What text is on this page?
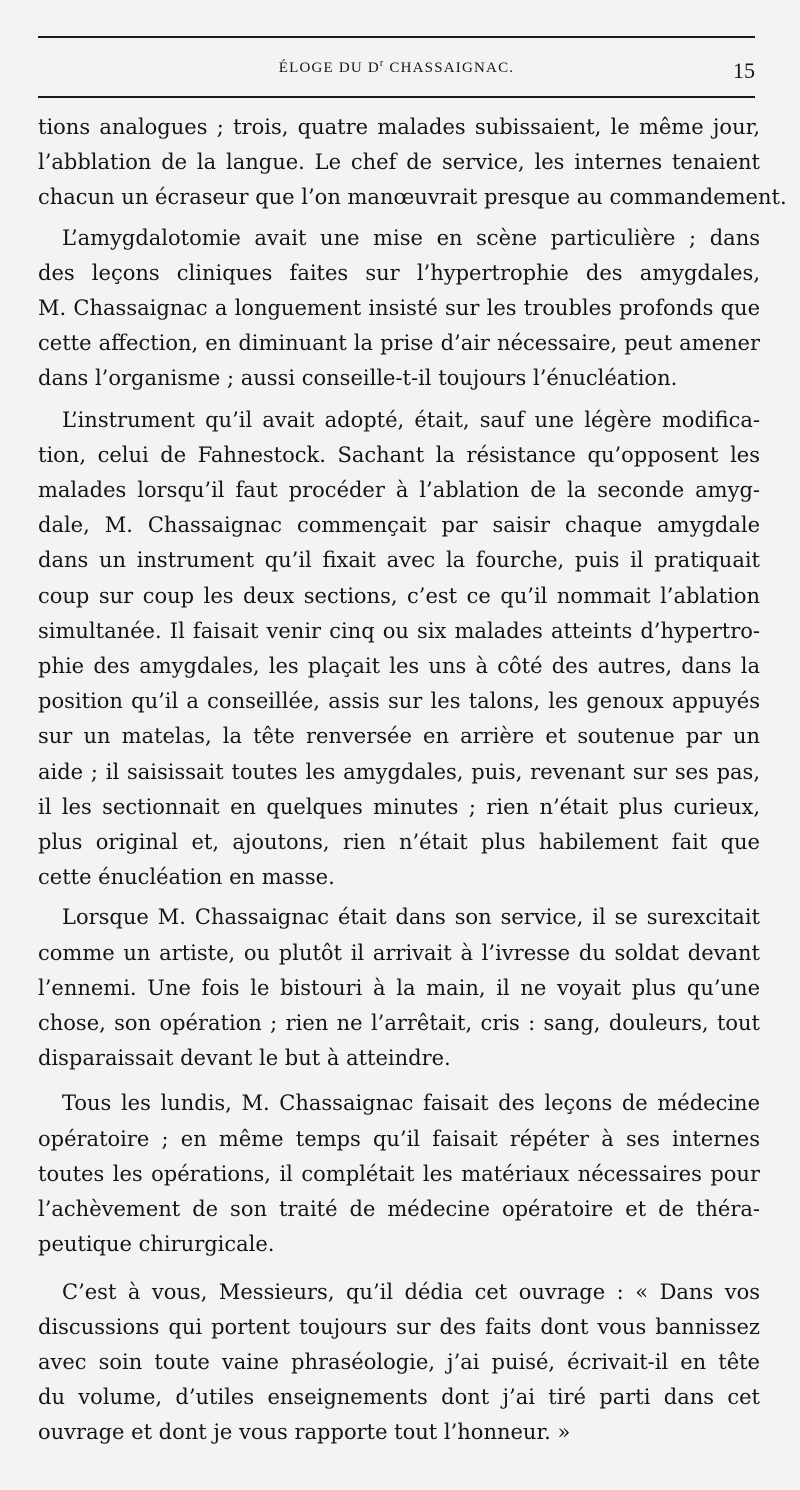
ÉLOGE DU $D^r$ CHASSAIGNAC.	15

tions analogues ; trois, quatre malades subissaient, le même jour,
l’abblation de la langue. Le chef de service, les internes tenaient
chacun un écraseur que l’on manœuvrait presque au commandement.

L’amygdalotomie avait une mise en scène particulière ; dans
des leçons cliniques faites sur l’hypertrophie des amygdales,
M. Chassaignac a longuement insisté sur les troubles profonds que
cette affection, en diminuant la prise d’air nécessaire, peut amener
dans l’organisme ; aussi conseille-t-il toujours l’énucléation.

L’instrument qu’il avait adopté, était, sauf une légère modifica-
tion, celui de Fahnestock. Sachant la résistance qu’opposent les
malades lorsqu’il faut procéder à l’ablation de la seconde amyg-
dale, M. Chassaignac commençait par saisir chaque amygdale
dans un instrument qu’il fixait avec la fourche, puis il pratiquait
coup sur coup les deux sections, c’est ce qu’il nommait l’ablation
simultanée. Il faisait venir cinq ou six malades atteints d’hypertro-
phie des amygdales, les plaçait les uns à côté des autres, dans la
position qu’il a conseillée, assis sur les talons, les genoux appuyés
sur un matelas, la tête renversée en arrière et soutenue par un
aide ; il saisissait toutes les amygdales, puis, revenant sur ses pas,
il les sectionnait en quelques minutes ; rien n’était plus curieux,
plus original et, ajoutons, rien n’était plus habilement fait que
cette énucléation en masse.

Lorsque M. Chassaignac était dans son service, il se surexcitait
comme un artiste, ou plutôt il arrivait à l’ivresse du soldat devant
l’ennemi. Une fois le bistouri à la main, il ne voyait plus qu’une
chose, son opération ; rien ne l’arrêtait, cris : sang, douleurs, tout
disparaissait devant le but à atteindre.

Tous les lundis, M. Chassaignac faisait des leçons de médecine
opératoire ; en même temps qu’il faisait répéter à ses internes
toutes les opérations, il complétait les matériaux nécessaires pour
l’achèvement de son traité de médecine opératoire et de théra-
peutique chirurgicale.

C’est à vous, Messieurs, qu’il dédia cet ouvrage : « Dans vos
discussions qui portent toujours sur des faits dont vous bannissez
avec soin toute vaine phraséologie, j’ai puisé, écrivait-il en tête
du volume, d’utiles enseignements dont j’ai tiré parti dans cet
ouvrage et dont je vous rapporte tout l’honneur. »
